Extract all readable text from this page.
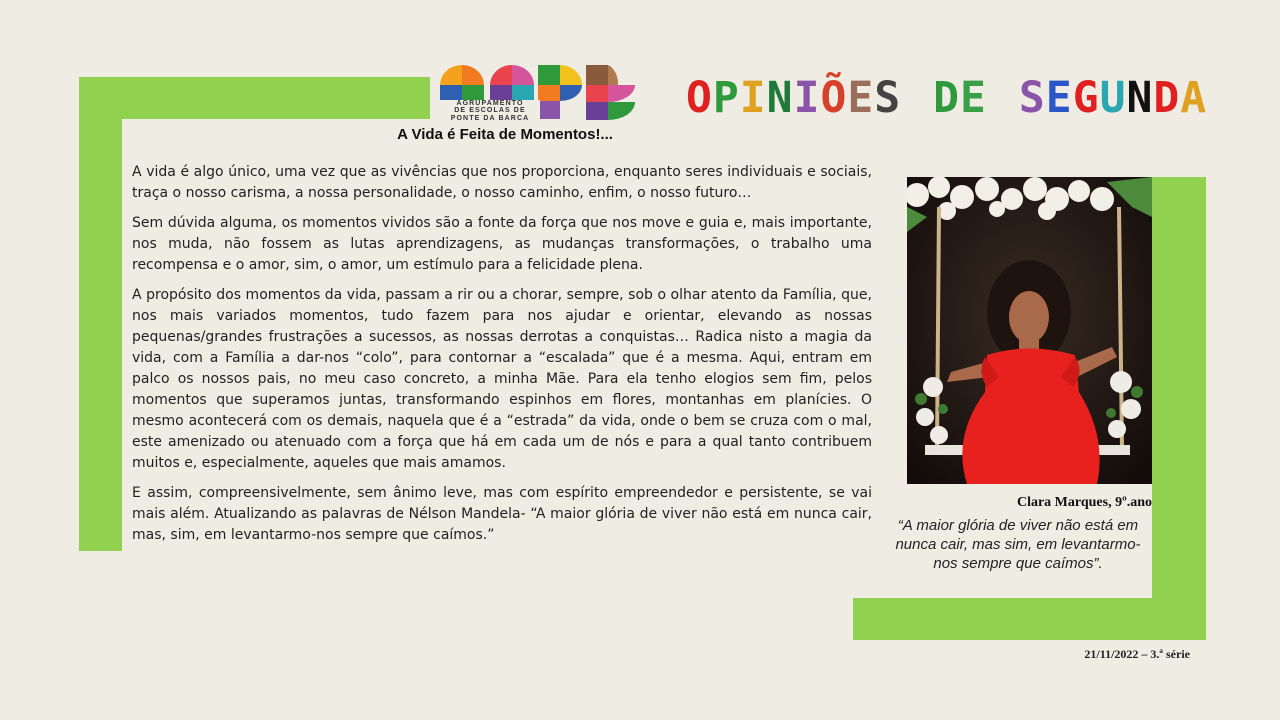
AGRUPAMENTO
DE ESCOLAS DE
PONTE DA BARCA	OPINIÕES DE SEGUNDA
A Vida é Feita de Momentos!...

A vida é algo único, uma vez que as vivências que nos proporciona, enquanto seres individuais e sociais, traça o nosso carisma, a nossa personalidade, o nosso caminho, enfim, o nosso futuro…

Sem dúvida alguma, os momentos vividos são a fonte da força que nos move e guia e, mais importante, nos muda, não fossem as lutas aprendizagens, as mudanças transformações, o trabalho uma recompensa e o amor, sim, o amor, um estímulo para a felicidade plena.

A propósito dos momentos da vida, passam a rir ou a chorar, sempre, sob o olhar atento da Família, que, nos mais variados momentos, tudo fazem para nos ajudar e orientar, elevando as nossas pequenas/grandes frustrações a sucessos, as nossas derrotas a conquistas… Radica nisto a magia da vida, com a Família a dar-nos “colo”, para contornar a “escalada” que é a mesma. Aqui, entram em palco os nossos pais, no meu caso concreto, a minha Mãe. Para ela tenho elogios sem fim, pelos momentos que superamos juntas, transformando espinhos em flores, montanhas em planícies. O mesmo acontecerá com os demais, naquela que é a “estrada” da vida, onde o bem se cruza com o mal, este amenizado ou atenuado com a força que há em cada um de nós e para a qual tanto contribuem muitos e, especialmente, aqueles que mais amamos.

E assim, compreensivelmente, sem ânimo leve, mas com espírito empreendedor e persistente, se vai mais além. Atualizando as palavras de Nélson Mandela- “A maior glória de viver não está em nunca cair, mas, sim, em levantarmo-nos sempre que caímos.”

Clara Marques, 9º.ano
“A maior glória de viver não está em nunca cair, mas sim, em levantarmo-nos sempre que caímos”.
21/11/2022 – 3.ª série
